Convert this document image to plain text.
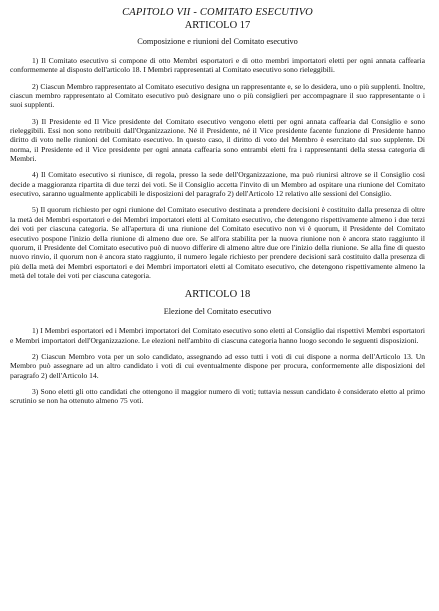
CAPITOLO VII - COMITATO ESECUTIVO
ARTICOLO 17
Composizione e riunioni del Comitato esecutivo

1) Il Comitato esecutivo si compone di otto Membri esportatori e di otto membri importatori eletti per ogni annata caffearia conformemente al disposto dell'articolo 18. I Membri rappresentati al Comitato esecutivo sono rieleggibili.

2) Ciascun Membro rappresentato al Comitato esecutivo designa un rappresentante e, se lo desidera, uno o più supplenti. Inoltre, ciascun membro rappresentato al Comitato esecutivo può designare uno o più consiglieri per accompagnare il suo rappresentante o i suoi supplenti.

3) Il Presidente ed Il Vice presidente del Comitato esecutivo vengono eletti per ogni annata caffearia dal Consiglio e sono rieleggibili. Essi non sono retribuiti dall'Organizzazione. Né il Presidente, né il Vice presidente facente funzione di Presidente hanno diritto di voto nelle riunioni del Comitato esecutivo. In questo caso, il diritto di voto del Membro è esercitato dal suo supplente. Di norma, il Presidente ed il Vice presidente per ogni annata caffearia sono entrambi eletti fra i rappresentanti della stessa categoria di Membri.

4) Il Comitato esecutivo si riunisce, di regola, presso la sede dell'Organizzazione, ma può riunirsi altrove se il Consiglio così decide a maggioranza ripartita di due terzi dei voti. Se il Consiglio accetta l'invito di un Membro ad ospitare una riunione del Comitato esecutivo, saranno ugualmente applicabili le disposizioni del paragrafo 2) dell'Articolo 12 relativo alle sessioni del Consiglio.

5) Il quorum richiesto per ogni riunione del Comitato esecutivo destinata a prendere decisioni è costituito dalla presenza di oltre la metà dei Membri esportatori e dei Membri importatori eletti al Comitato esecutivo, che detengono rispettivamente almeno i due terzi dei voti per ciascuna categoria. Se all'apertura di una riunione del Comitato esecutivo non vi è quorum, il Presidente del Comitato esecutivo pospone l'inizio della riunione di almeno due ore. Se all'ora stabilita per la nuova riunione non è ancora stato raggiunto il quorum, il Presidente del Comitato esecutivo può di nuovo differire di almeno altre due ore l'inizio della riunione. Se alla fine di questo nuovo rinvio, il quorum non è ancora stato raggiunto, il numero legale richiesto per prendere decisioni sarà costituito dalla presenza di più della metà dei Membri esportatori e dei Membri importatori eletti al Comitato esecutivo, che detengono rispettivamente almeno la metà del totale dei voti per ciascuna categoria.

ARTICOLO 18
Elezione del Comitato esecutivo

1) I Membri esportatori ed i Membri importatori del Comitato esecutivo sono eletti al Consiglio dai rispettivi Membri esportatori e Membri importatori dell'Organizzazione. Le elezioni nell'ambito di ciascuna categoria hanno luogo secondo le seguenti disposizioni.

2) Ciascun Membro vota per un solo candidato, assegnando ad esso tutti i voti di cui dispone a norma dell'Articolo 13. Un Membro può assegnare ad un altro candidato i voti di cui eventualmente dispone per procura, conformemente alle disposizioni del paragrafo 2) dell'Articolo 14.

3) Sono eletti gli otto candidati che ottengono il maggior numero di voti; tuttavia nessun candidato è considerato eletto al primo scrutinio se non ha ottenuto almeno 75 voti.
